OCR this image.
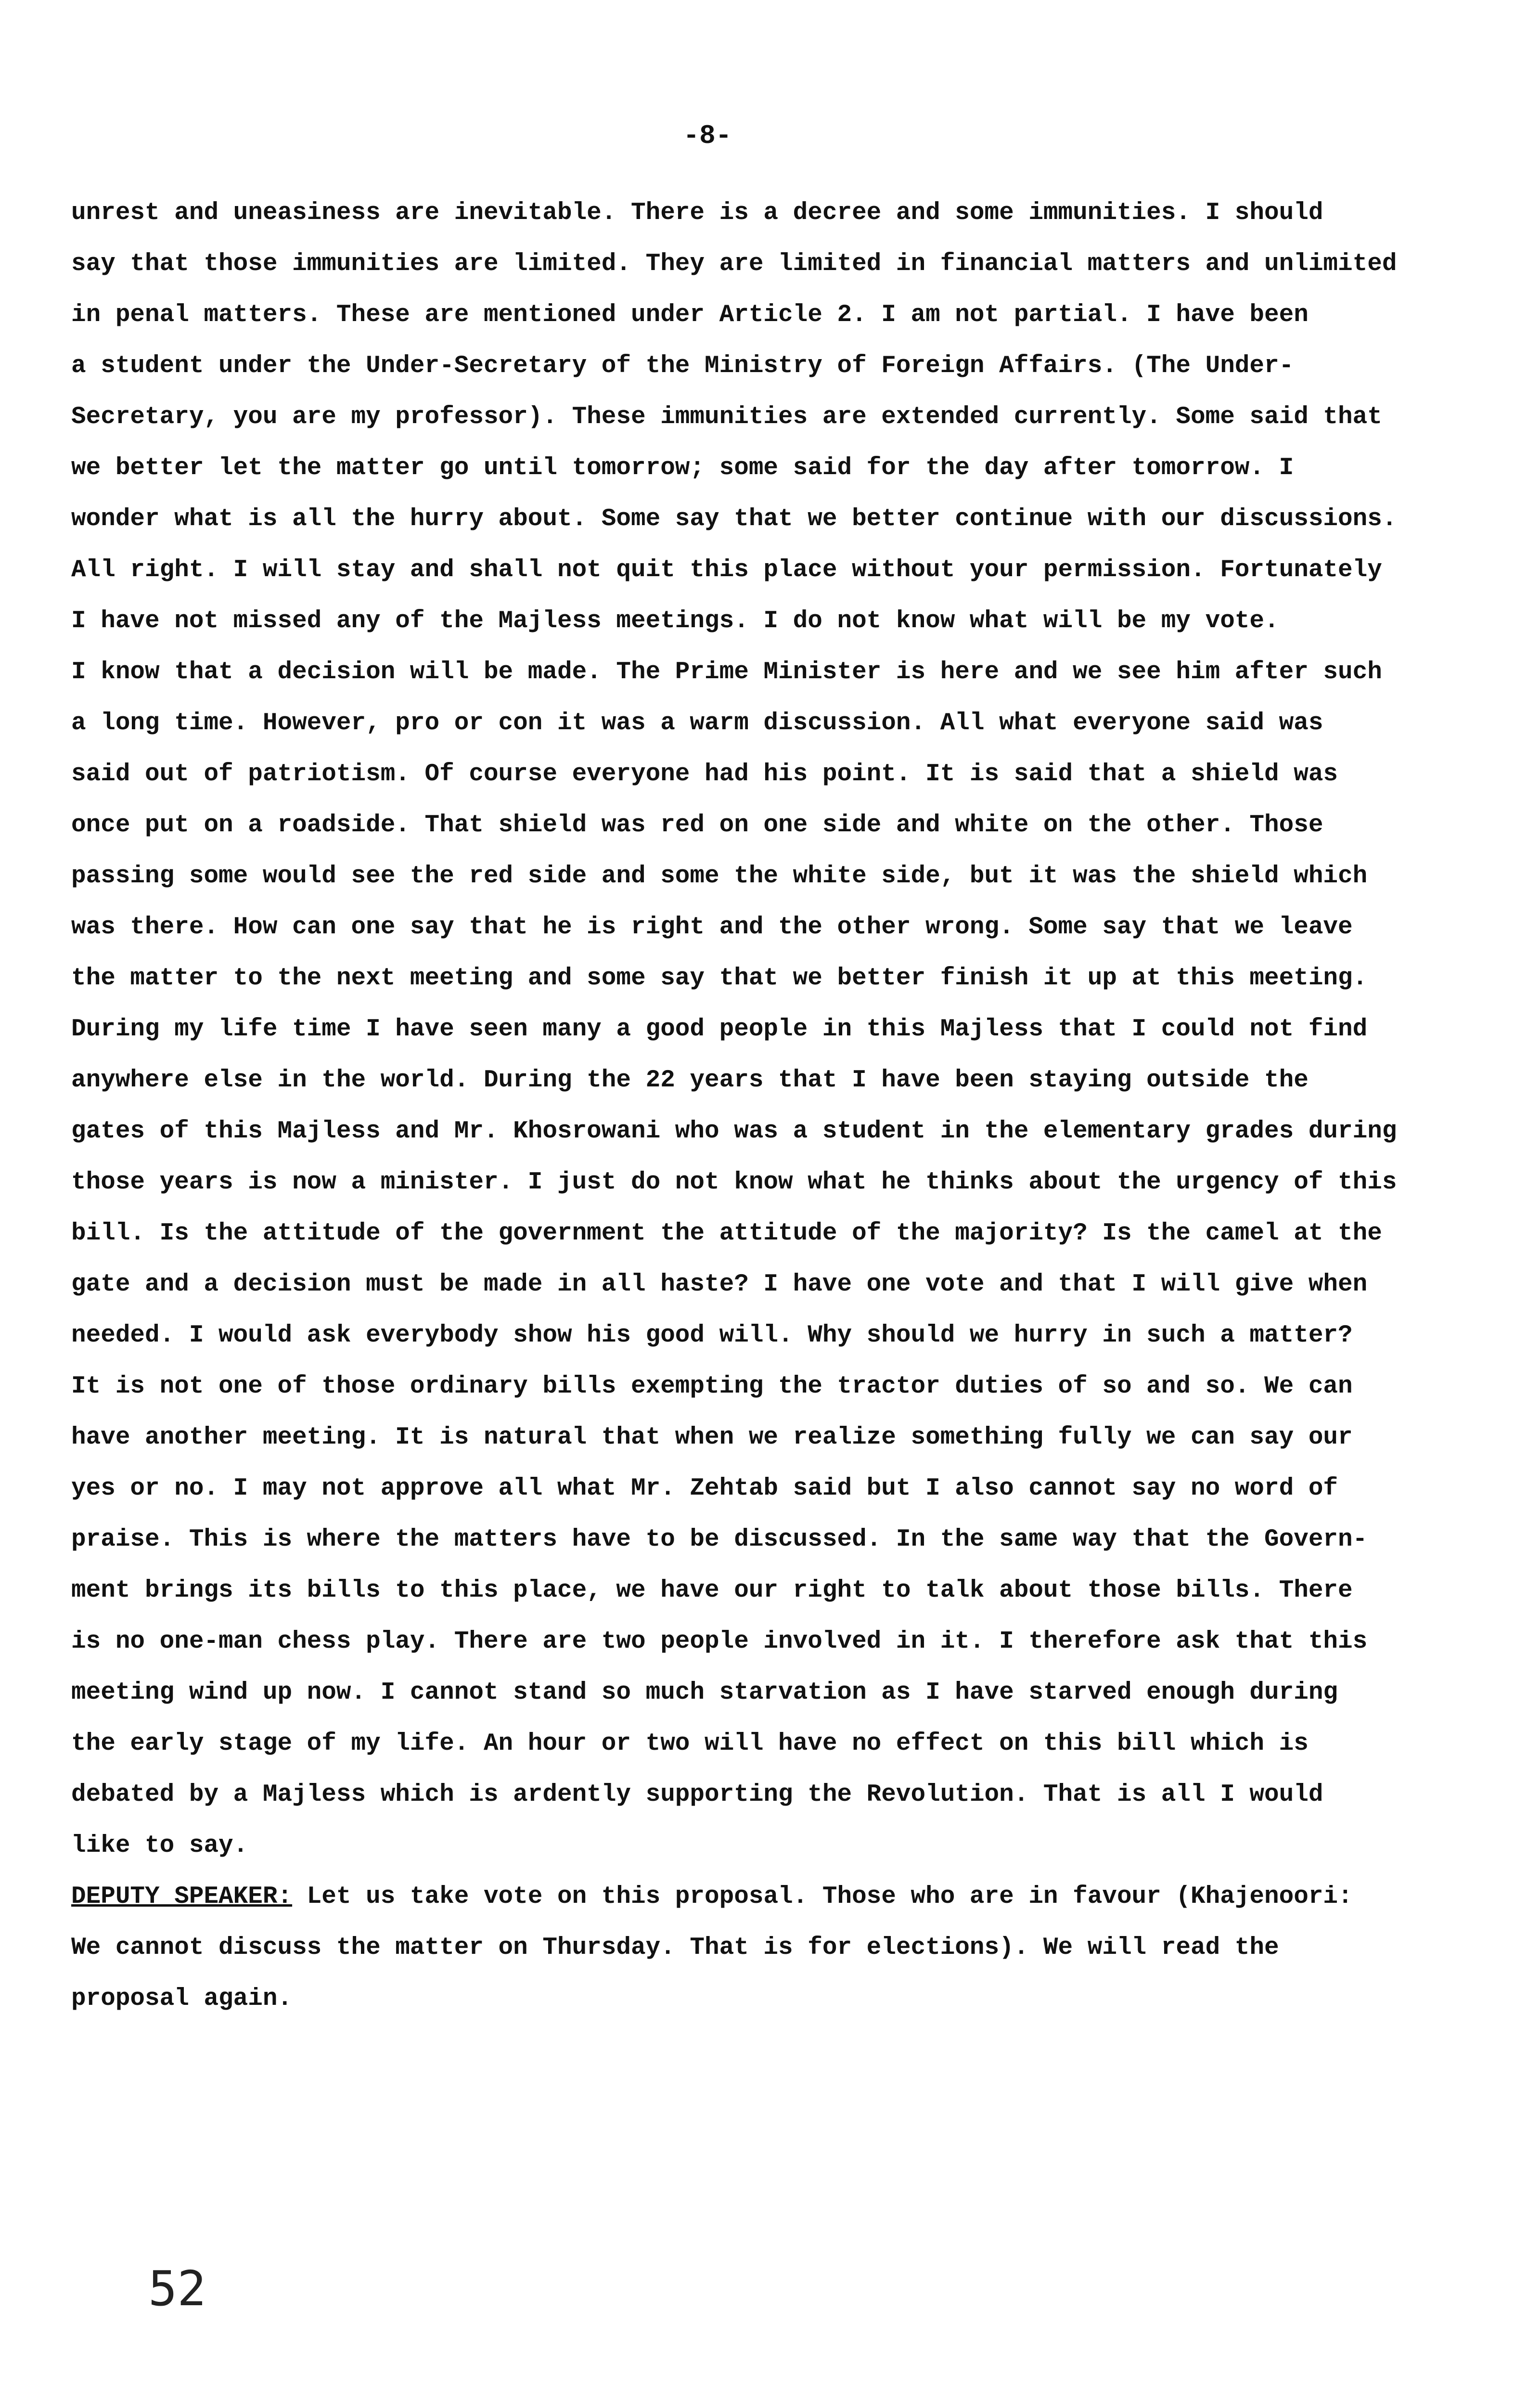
-8-
unrest and uneasiness are inevitable. There is a decree and some immunities. I should
say that those immunities are limited. They are limited in financial matters and unlimited
in penal matters. These are mentioned under Article 2. I am not partial. I have been
a student under the Under-Secretary of the Ministry of Foreign Affairs. (The Under-
Secretary, you are my professor). These immunities are extended currently. Some said that
we better let the matter go until tomorrow; some said for the day after tomorrow. I
wonder what is all the hurry about. Some say that we better continue with our discussions.
All right. I will stay and shall not quit this place without your permission. Fortunately
I have not missed any of the Majless meetings. I do not know what will be my vote.
I know that a decision will be made. The Prime Minister is here and we see him after such
a long time. However, pro or con it was a warm discussion. All what everyone said was
said out of patriotism. Of course everyone had his point. It is said that a shield was
once put on a roadside. That shield was red on one side and white on the other. Those
passing some would see the red side and some the white side, but it was the shield which
was there. How can one say that he is right and the other wrong. Some say that we leave
the matter to the next meeting and some say that we better finish it up at this meeting.
During my life time I have seen many a good people in this Majless that I could not find
anywhere else in the world. During the 22 years that I have been staying outside the
gates of this Majless and Mr. Khosrowani who was a student in the elementary grades during
those years is now a minister. I just do not know what he thinks about the urgency of this
bill. Is the attitude of the government the attitude of the majority? Is the camel at the
gate and a decision must be made in all haste? I have one vote and that I will give when
needed. I would ask everybody show his good will. Why should we hurry in such a matter?
It is not one of those ordinary bills exempting the tractor duties of so and so. We can
have another meeting. It is natural that when we realize something fully we can say our
yes or no. I may not approve all what Mr. Zehtab said but I also cannot say no word of
praise. This is where the matters have to be discussed. In the same way that the Govern-
ment brings its bills to this place, we have our right to talk about those bills. There
is no one-man chess play. There are two people involved in it. I therefore ask that this
meeting wind up now. I cannot stand so much starvation as I have starved enough during
the early stage of my life. An hour or two will have no effect on this bill which is
debated by a Majless which is ardently supporting the Revolution. That is all I would
like to say.
DEPUTY SPEAKER: Let us take vote on this proposal. Those who are in favour (Khajenoori:
We cannot discuss the matter on Thursday. That is for elections). We will read the
proposal again.
52
